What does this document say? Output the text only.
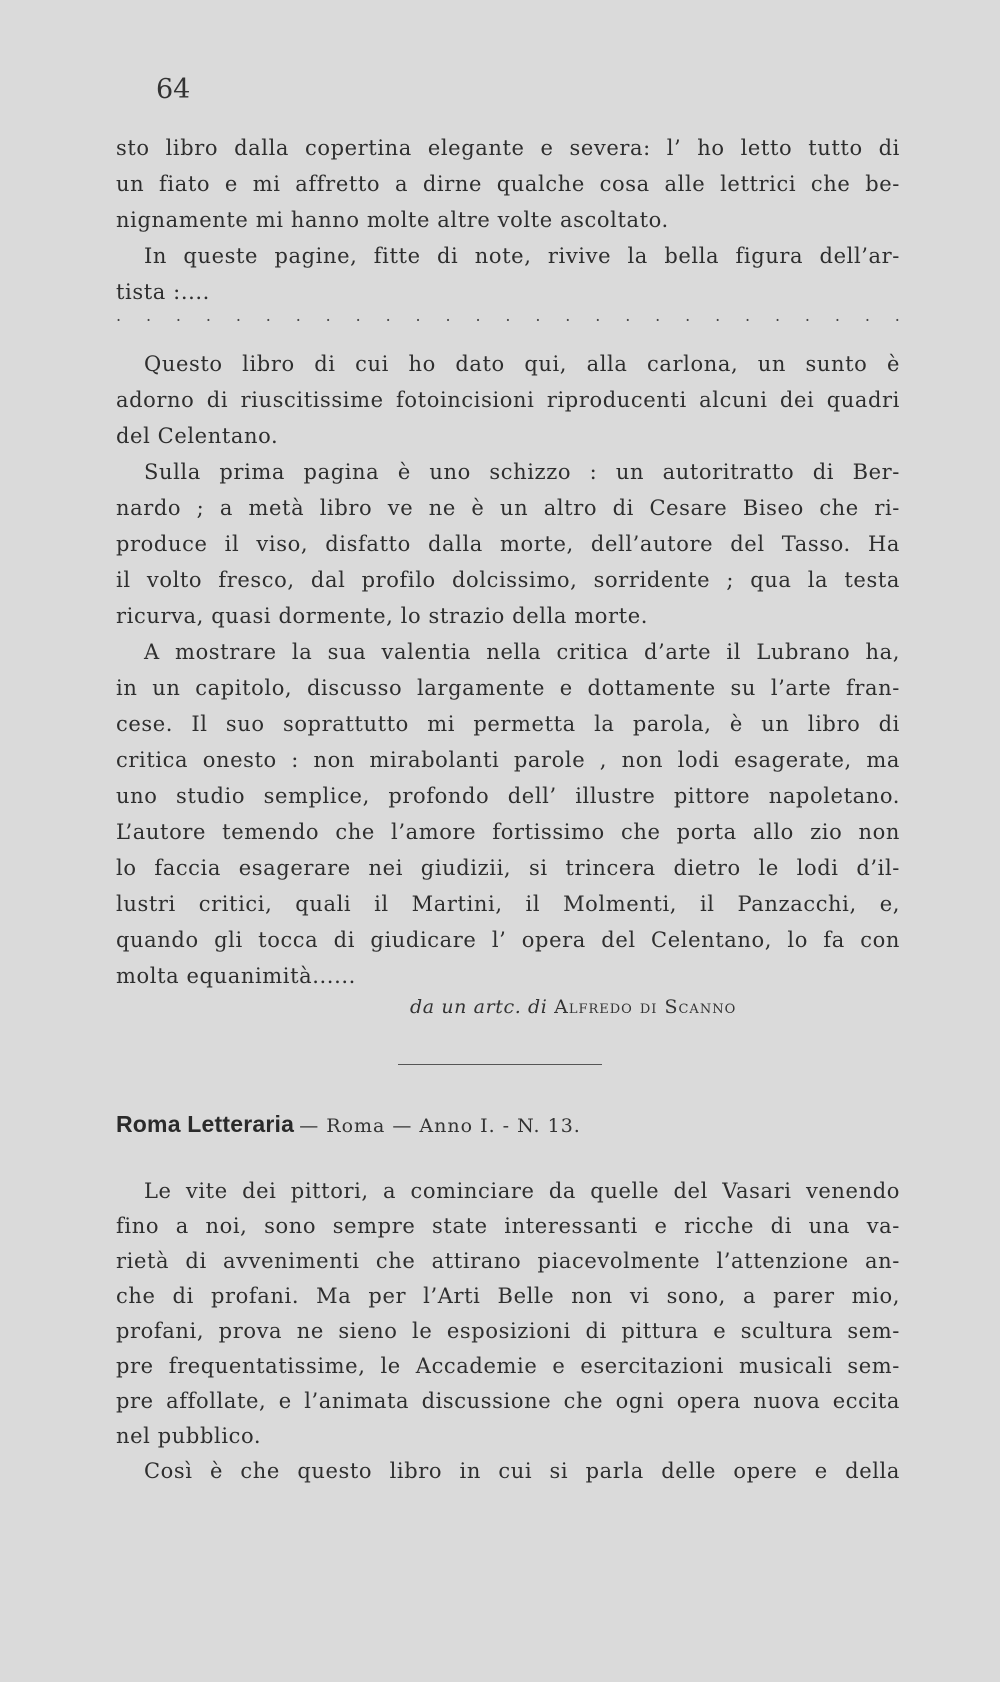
64
sto libro dalla copertina elegante e severa: l’ ho letto tutto di
un fiato e mi affretto a dirne qualche cosa alle lettrici che be-
nignamente mi hanno molte altre volte ascoltato.
In queste pagine, fitte di note, rivive la bella figura dell’ar-
tista :....
. . . . . . . . . . . . . . . . . . . . . . . . . . .
Questo libro di cui ho dato qui, alla carlona, un sunto è
adorno di riuscitissime fotoincisioni riproducenti alcuni dei quadri
del Celentano.
Sulla prima pagina è uno schizzo : un autoritratto di Ber-
nardo ; a metà libro ve ne è un altro di Cesare Biseo che ri-
produce il viso, disfatto dalla morte, dell’autore del Tasso. Ha
il volto fresco, dal profilo dolcissimo, sorridente ; qua la testa
ricurva, quasi dormente, lo strazio della morte.
A mostrare la sua valentia nella critica d’arte il Lubrano ha,
in un capitolo, discusso largamente e dottamente su l’arte fran-
cese. Il suo soprattutto mi permetta la parola, è un libro di
critica onesto : non mirabolanti parole , non lodi esagerate, ma
uno studio semplice, profondo dell’ illustre pittore napoletano.
L’autore temendo che l’amore fortissimo che porta allo zio non
lo faccia esagerare nei giudizii, si trincera dietro le lodi d’il-
lustri critici, quali il Martini, il Molmenti, il Panzacchi, e,
quando gli tocca di giudicare l’ opera del Celentano, lo fa con
molta equanimità......
da un artc. di Alfredo di Scanno
Roma Letteraria — Roma — Anno I. - N. 13.
Le vite dei pittori, a cominciare da quelle del Vasari venendo
fino a noi, sono sempre state interessanti e ricche di una va-
rietà di avvenimenti che attirano piacevolmente l’attenzione an-
che di profani. Ma per l’Arti Belle non vi sono, a parer mio,
profani, prova ne sieno le esposizioni di pittura e scultura sem-
pre frequentatissime, le Accademie e esercitazioni musicali sem-
pre affollate, e l’animata discussione che ogni opera nuova eccita
nel pubblico.
Così è che questo libro in cui si parla delle opere e della
